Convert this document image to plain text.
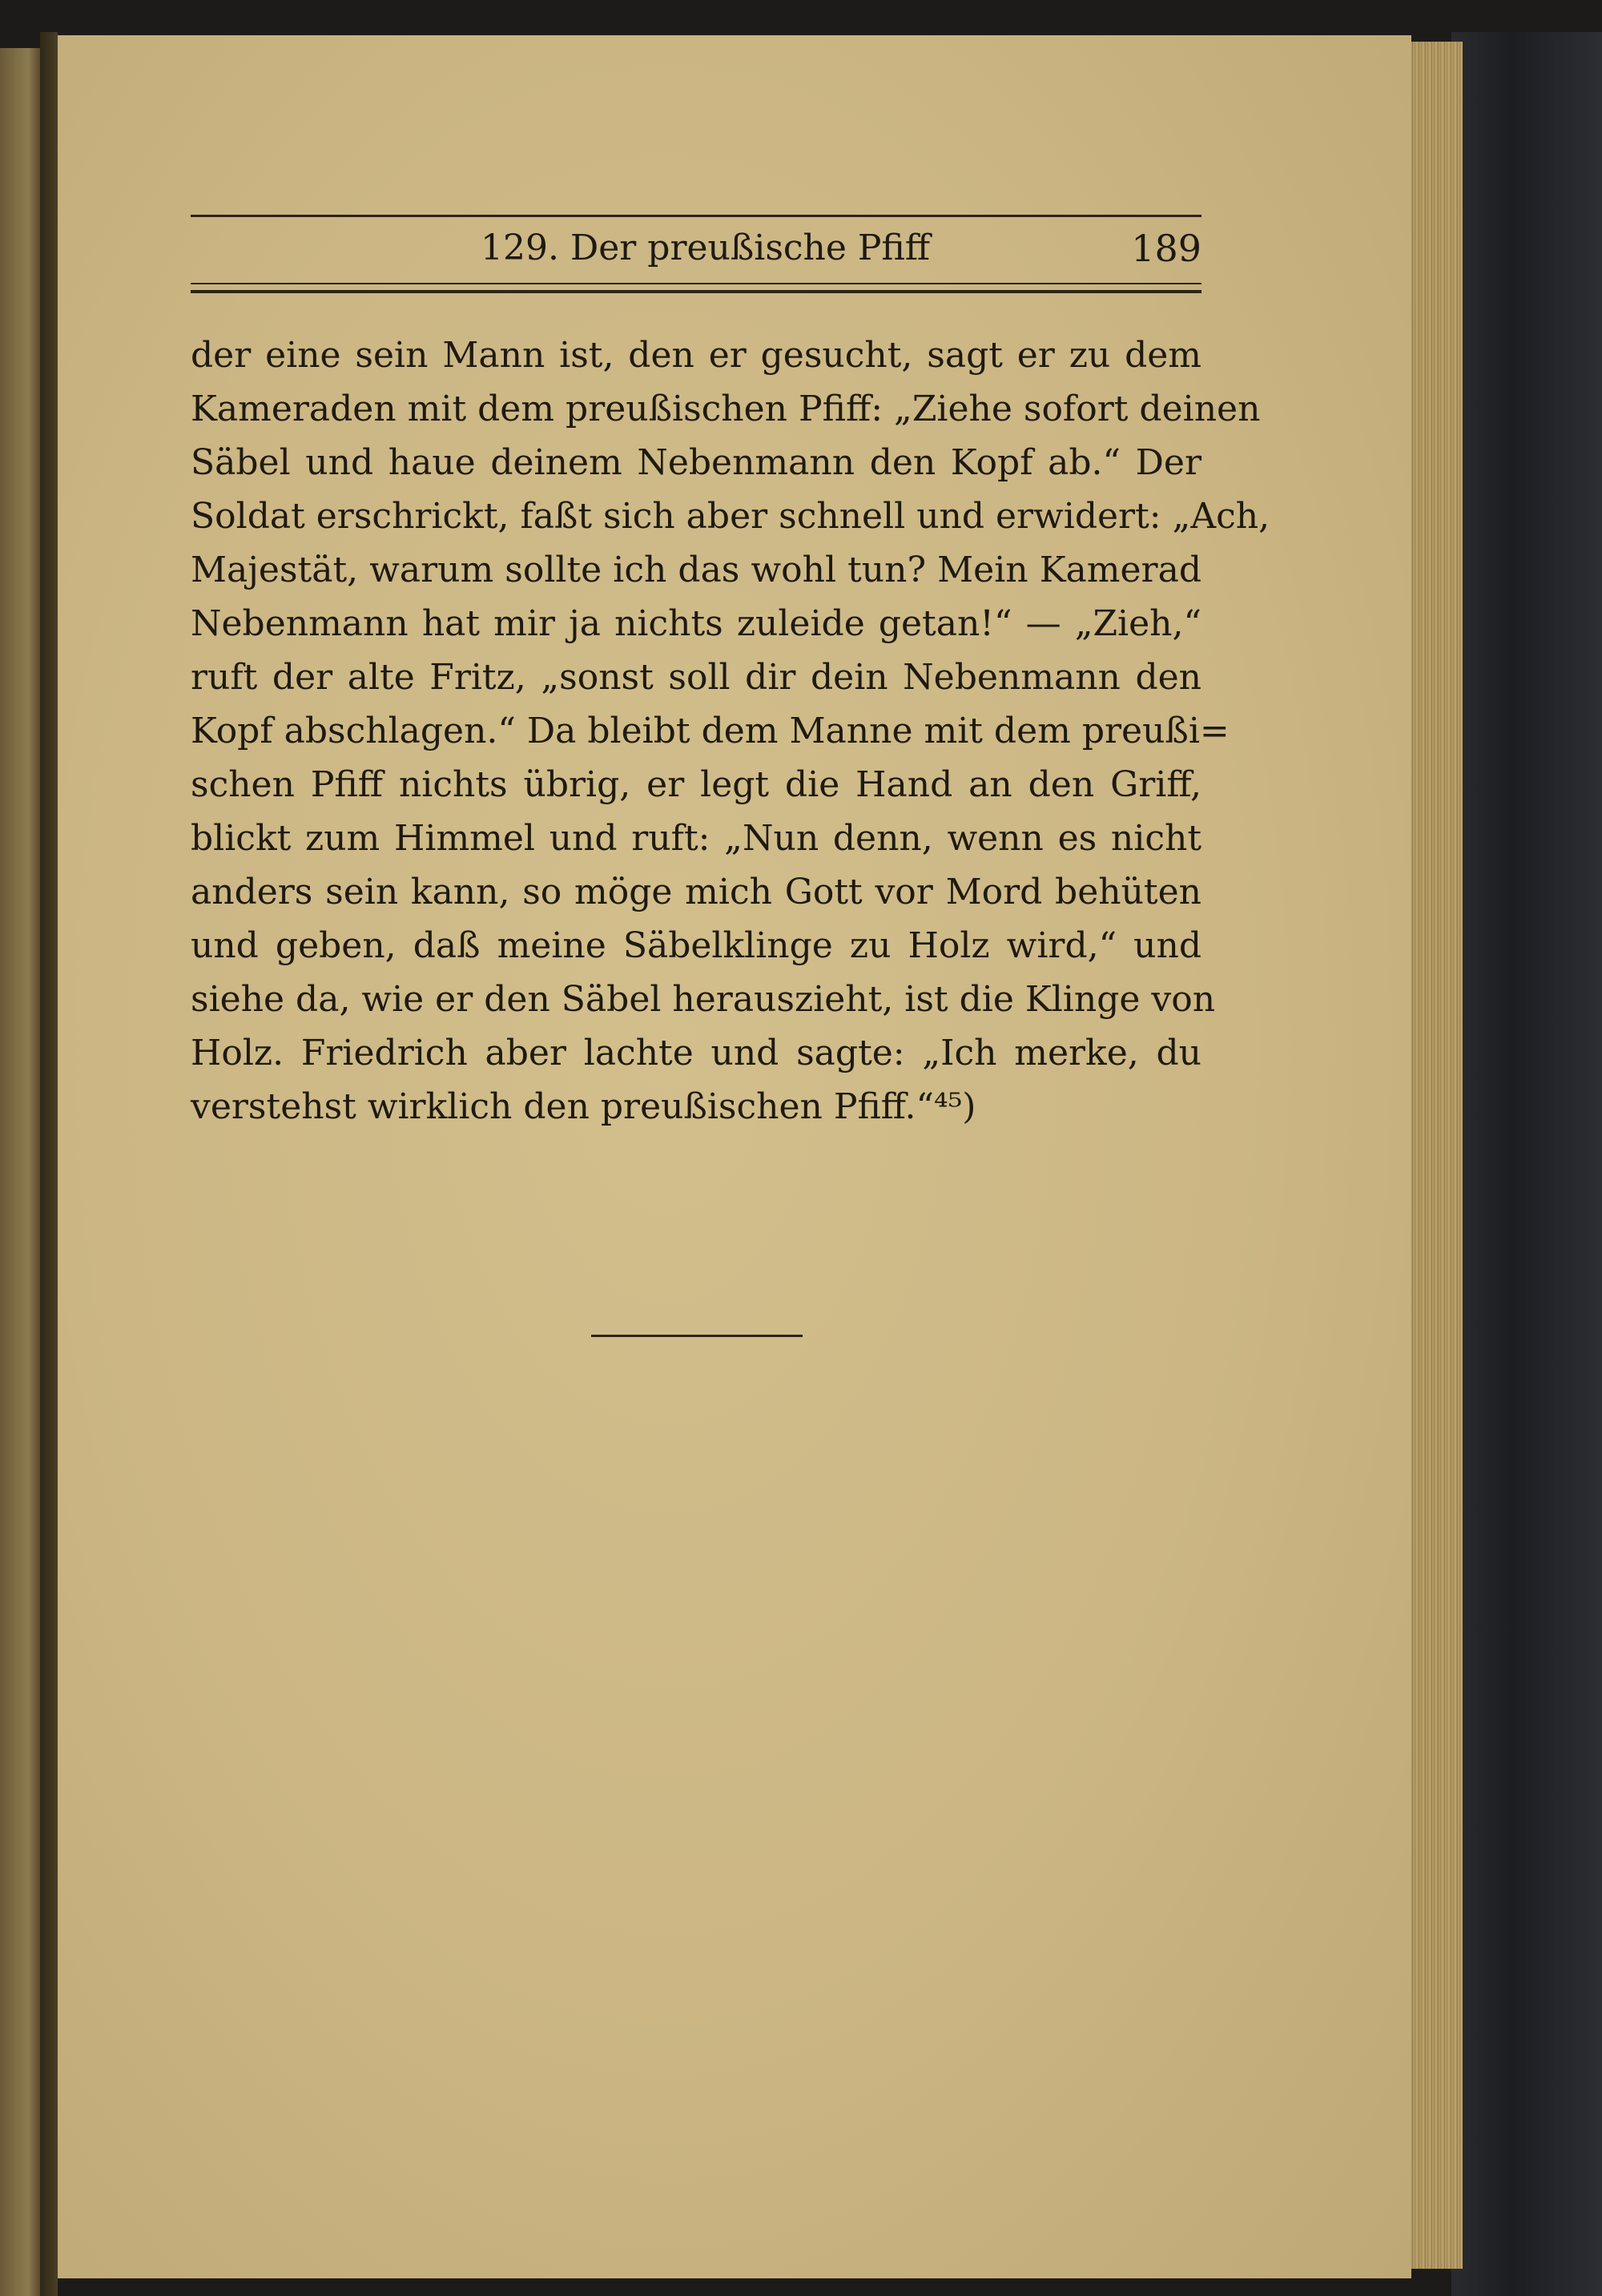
129. Der preußische Pfiff	189
der eine sein Mann ist, den er gesucht, sagt er zu dem
Kameraden mit dem preußischen Pfiff: „Ziehe sofort deinen
Säbel und haue deinem Nebenmann den Kopf ab.“ Der
Soldat erschrickt, faßt sich aber schnell und erwidert: „Ach,
Majestät, warum sollte ich das wohl tun? Mein Kamerad
Nebenmann hat mir ja nichts zuleide getan!“ — „Zieh,“
ruft der alte Fritz, „sonst soll dir dein Nebenmann den
Kopf abschlagen.“ Da bleibt dem Manne mit dem preußi=
schen Pfiff nichts übrig, er legt die Hand an den Griff,
blickt zum Himmel und ruft: „Nun denn, wenn es nicht
anders sein kann, so möge mich Gott vor Mord behüten
und geben, daß meine Säbelklinge zu Holz wird,“ und
siehe da, wie er den Säbel herauszieht, ist die Klinge von
Holz. Friedrich aber lachte und sagte: „Ich merke, du
verstehst wirklich den preußischen Pfiff.“⁴⁵)
